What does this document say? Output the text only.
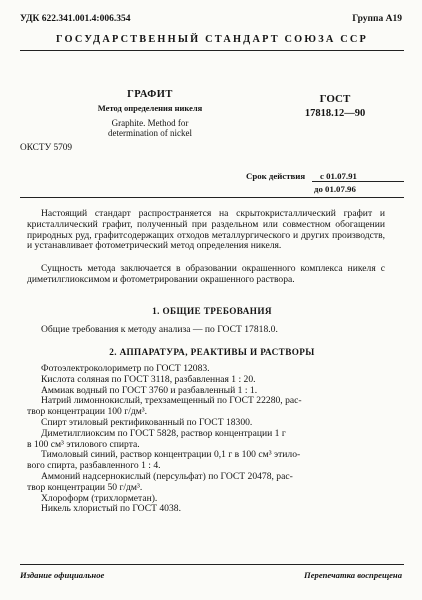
УДК 622.341.001.4:006.354	Группа А19
ГОСУДАРСТВЕННЫЙ СТАНДАРТ СОЮЗА ССР
ГРАФИТ
Метод определения никеля
Graphite. Method for
determination of nickel
ГОСТ
17818.12—90
ОКСТУ 5709
Срок действия с 01.07.91
до 01.07.96
Настоящий стандарт распространяется на скрытокристаллический графит и кристаллический графит, полученный при раздельном или совместном обогащении природных руд, графитсодержащих отходов металлургического и других производств, и устанавливает фотометрический метод определения никеля.
Сущность метода заключается в образовании окрашенного комплекса никеля с диметилглиоксимом и фотометрировании окрашенного раствора.
1. ОБЩИЕ ТРЕБОВАНИЯ
Общие требования к методу анализа — по ГОСТ 17818.0.
2. АППАРАТУРА, РЕАКТИВЫ И РАСТВОРЫ
Фотоэлектроколориметр по ГОСТ 12083.
Кислота соляная по ГОСТ 3118, разбавленная 1 : 20.
Аммиак водный по ГОСТ 3760 и разбавленный 1 : 1.
Натрий лимоннокислый, трехзамещенный по ГОСТ 22280, рас-
твор концентрации 100 г/дм³.
Спирт этиловый ректификованный по ГОСТ 18300.
Диметилглиоксим по ГОСТ 5828, раствор концентрации 1 г
в 100 см³ этилового спирта.
Тимоловый синий, раствор концентрации 0,1 г в 100 см³ этило-
вого спирта, разбавленного 1 : 4.
Аммоний надсернокислый (персульфат) по ГОСТ 20478, рас-
твор концентрации 50 г/дм³.
Хлороформ (трихлорметан).
Никель хлористый по ГОСТ 4038.
Издание официальное	Перепечатка воспрещена
